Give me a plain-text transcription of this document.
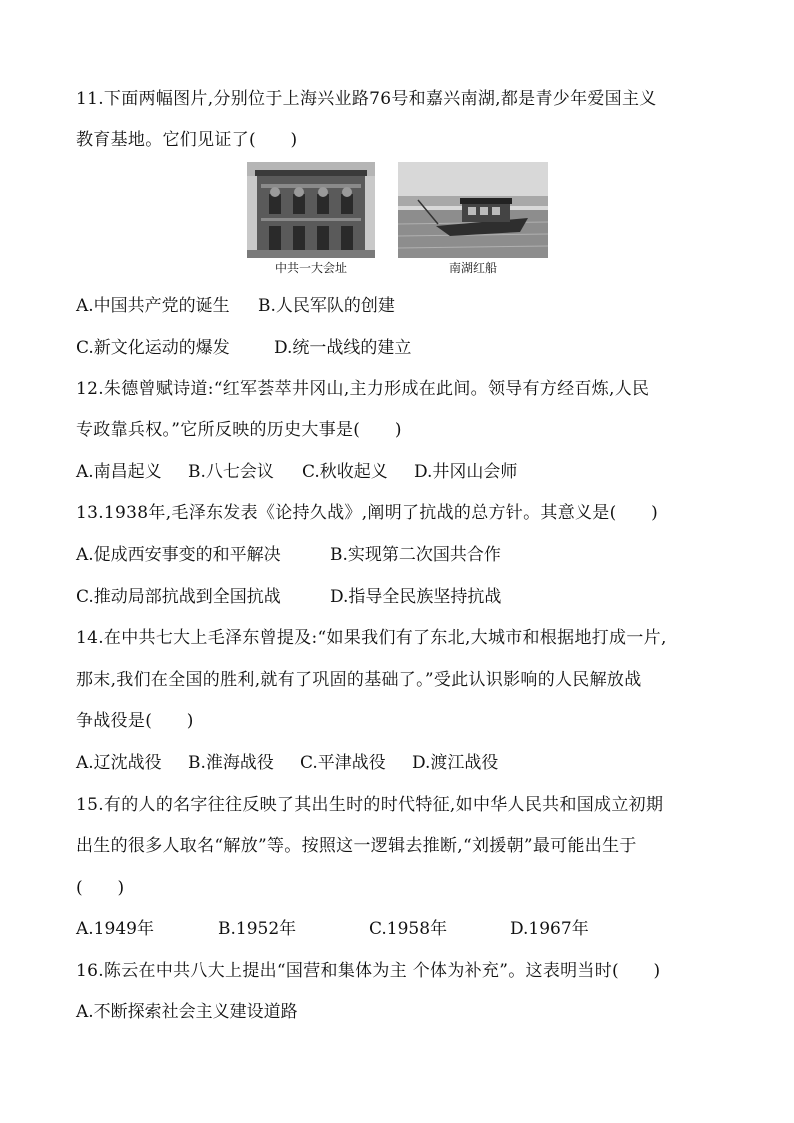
11.下面两幅图片,分别位于上海兴业路76号和嘉兴南湖,都是青少年爱国主义
教育基地。它们见证了(　　)
中共一大会址	南湖红船
A.中国共产党的诞生 B.人民军队的创建
C.新文化运动的爆发	D.统一战线的建立
12.朱德曾赋诗道:“红军荟萃井冈山,主力形成在此间。领导有方经百炼,人民
专政靠兵权。”它所反映的历史大事是(　　)
A.南昌起义 B.八七会议 C.秋收起义 D.井冈山会师
13.1938年,毛泽东发表《论持久战》,阐明了抗战的总方针。其意义是(　　)
A.促成西安事变的和平解决	B.实现第二次国共合作
C.推动局部抗战到全国抗战	D.指导全民族坚持抗战
14.在中共七大上毛泽东曾提及:“如果我们有了东北,大城市和根据地打成一片,
那末,我们在全国的胜利,就有了巩固的基础了。”受此认识影响的人民解放战
争战役是(　　)
A.辽沈战役 B.淮海战役 C.平津战役 D.渡江战役
15.有的人的名字往往反映了其出生时的时代特征,如中华人民共和国成立初期
出生的很多人取名“解放”等。按照这一逻辑去推断,“刘援朝”最可能出生于
(　　)
A.1949年	B.1952年	C.1958年	D.1967年
16.陈云在中共八大上提出“国营和集体为主 个体为补充”。这表明当时(　　)
A.不断探索社会主义建设道路
